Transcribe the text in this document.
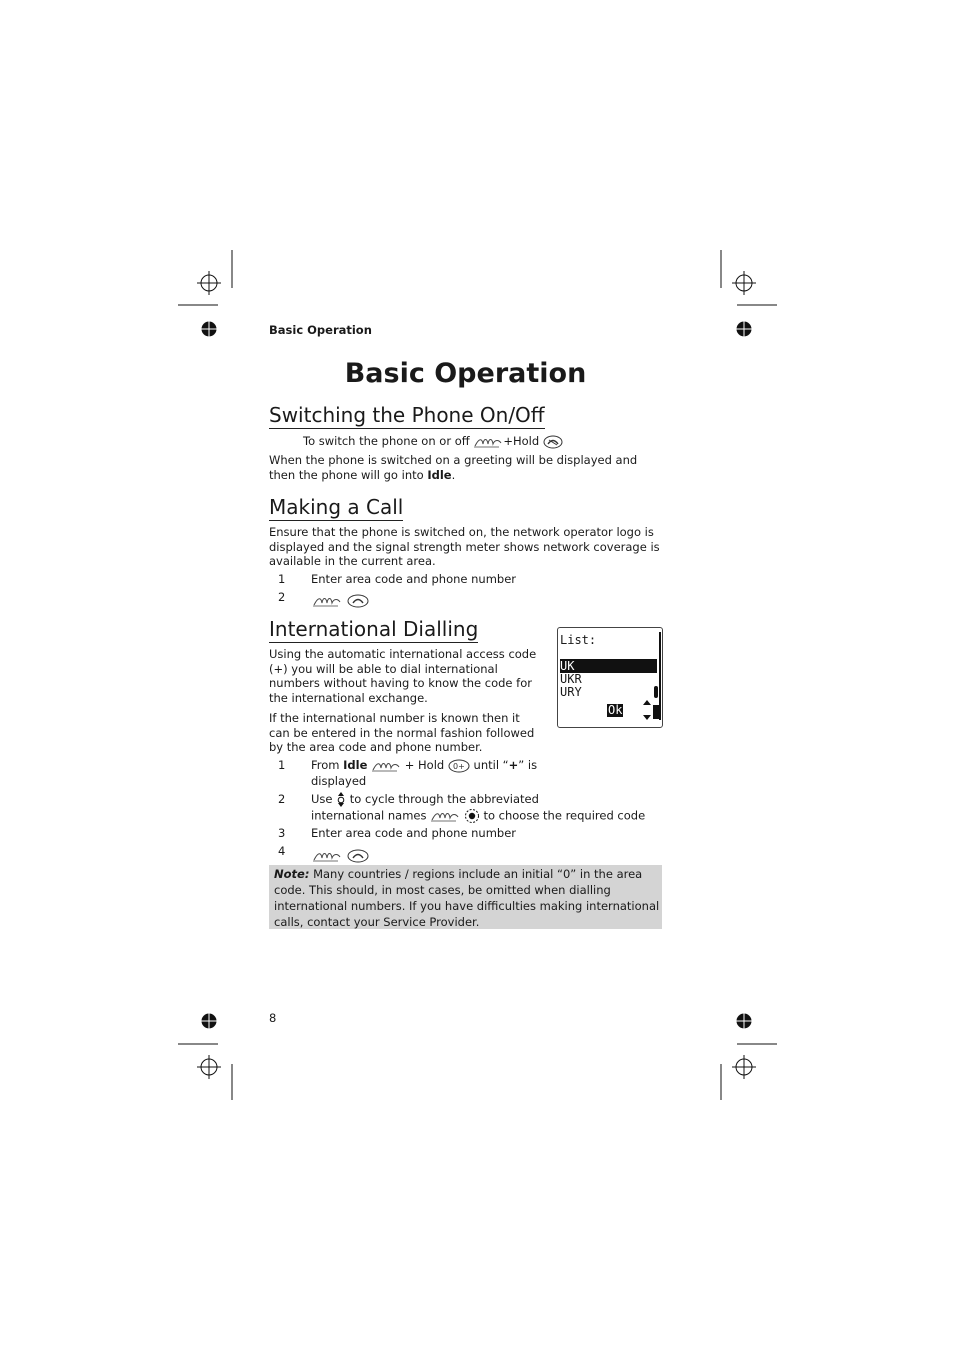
Basic Operation
Basic Operation
Switching the Phone On/Off
To switch the phone on or off	+Hold
When the phone is switched on a greeting will be displayed and then the phone will go into Idle.
Making a Call
Ensure that the phone is switched on, the network operator logo is displayed and the signal strength meter shows network coverage is available in the current area.
1 Enter area code and phone number
2

International Dialling
Using the automatic international access code (+) you will be able to dial international numbers without having to know the code for the international exchange.
If the international number is known then it can be entered in the normal fashion followed by the area code and phone number.
List:
UK
UKR
URY
Ok
1 From Idle	+ Hold 0+ until “+” is
displayed
2 Use to cycle through the abbreviated
international names	to choose the required code
3 Enter area code and phone number
4

Note: Many countries / regions include an initial “0” in the area code. This should, in most cases, be omitted when dialling international numbers. If you have difficulties making international calls, contact your Service Provider.
8
